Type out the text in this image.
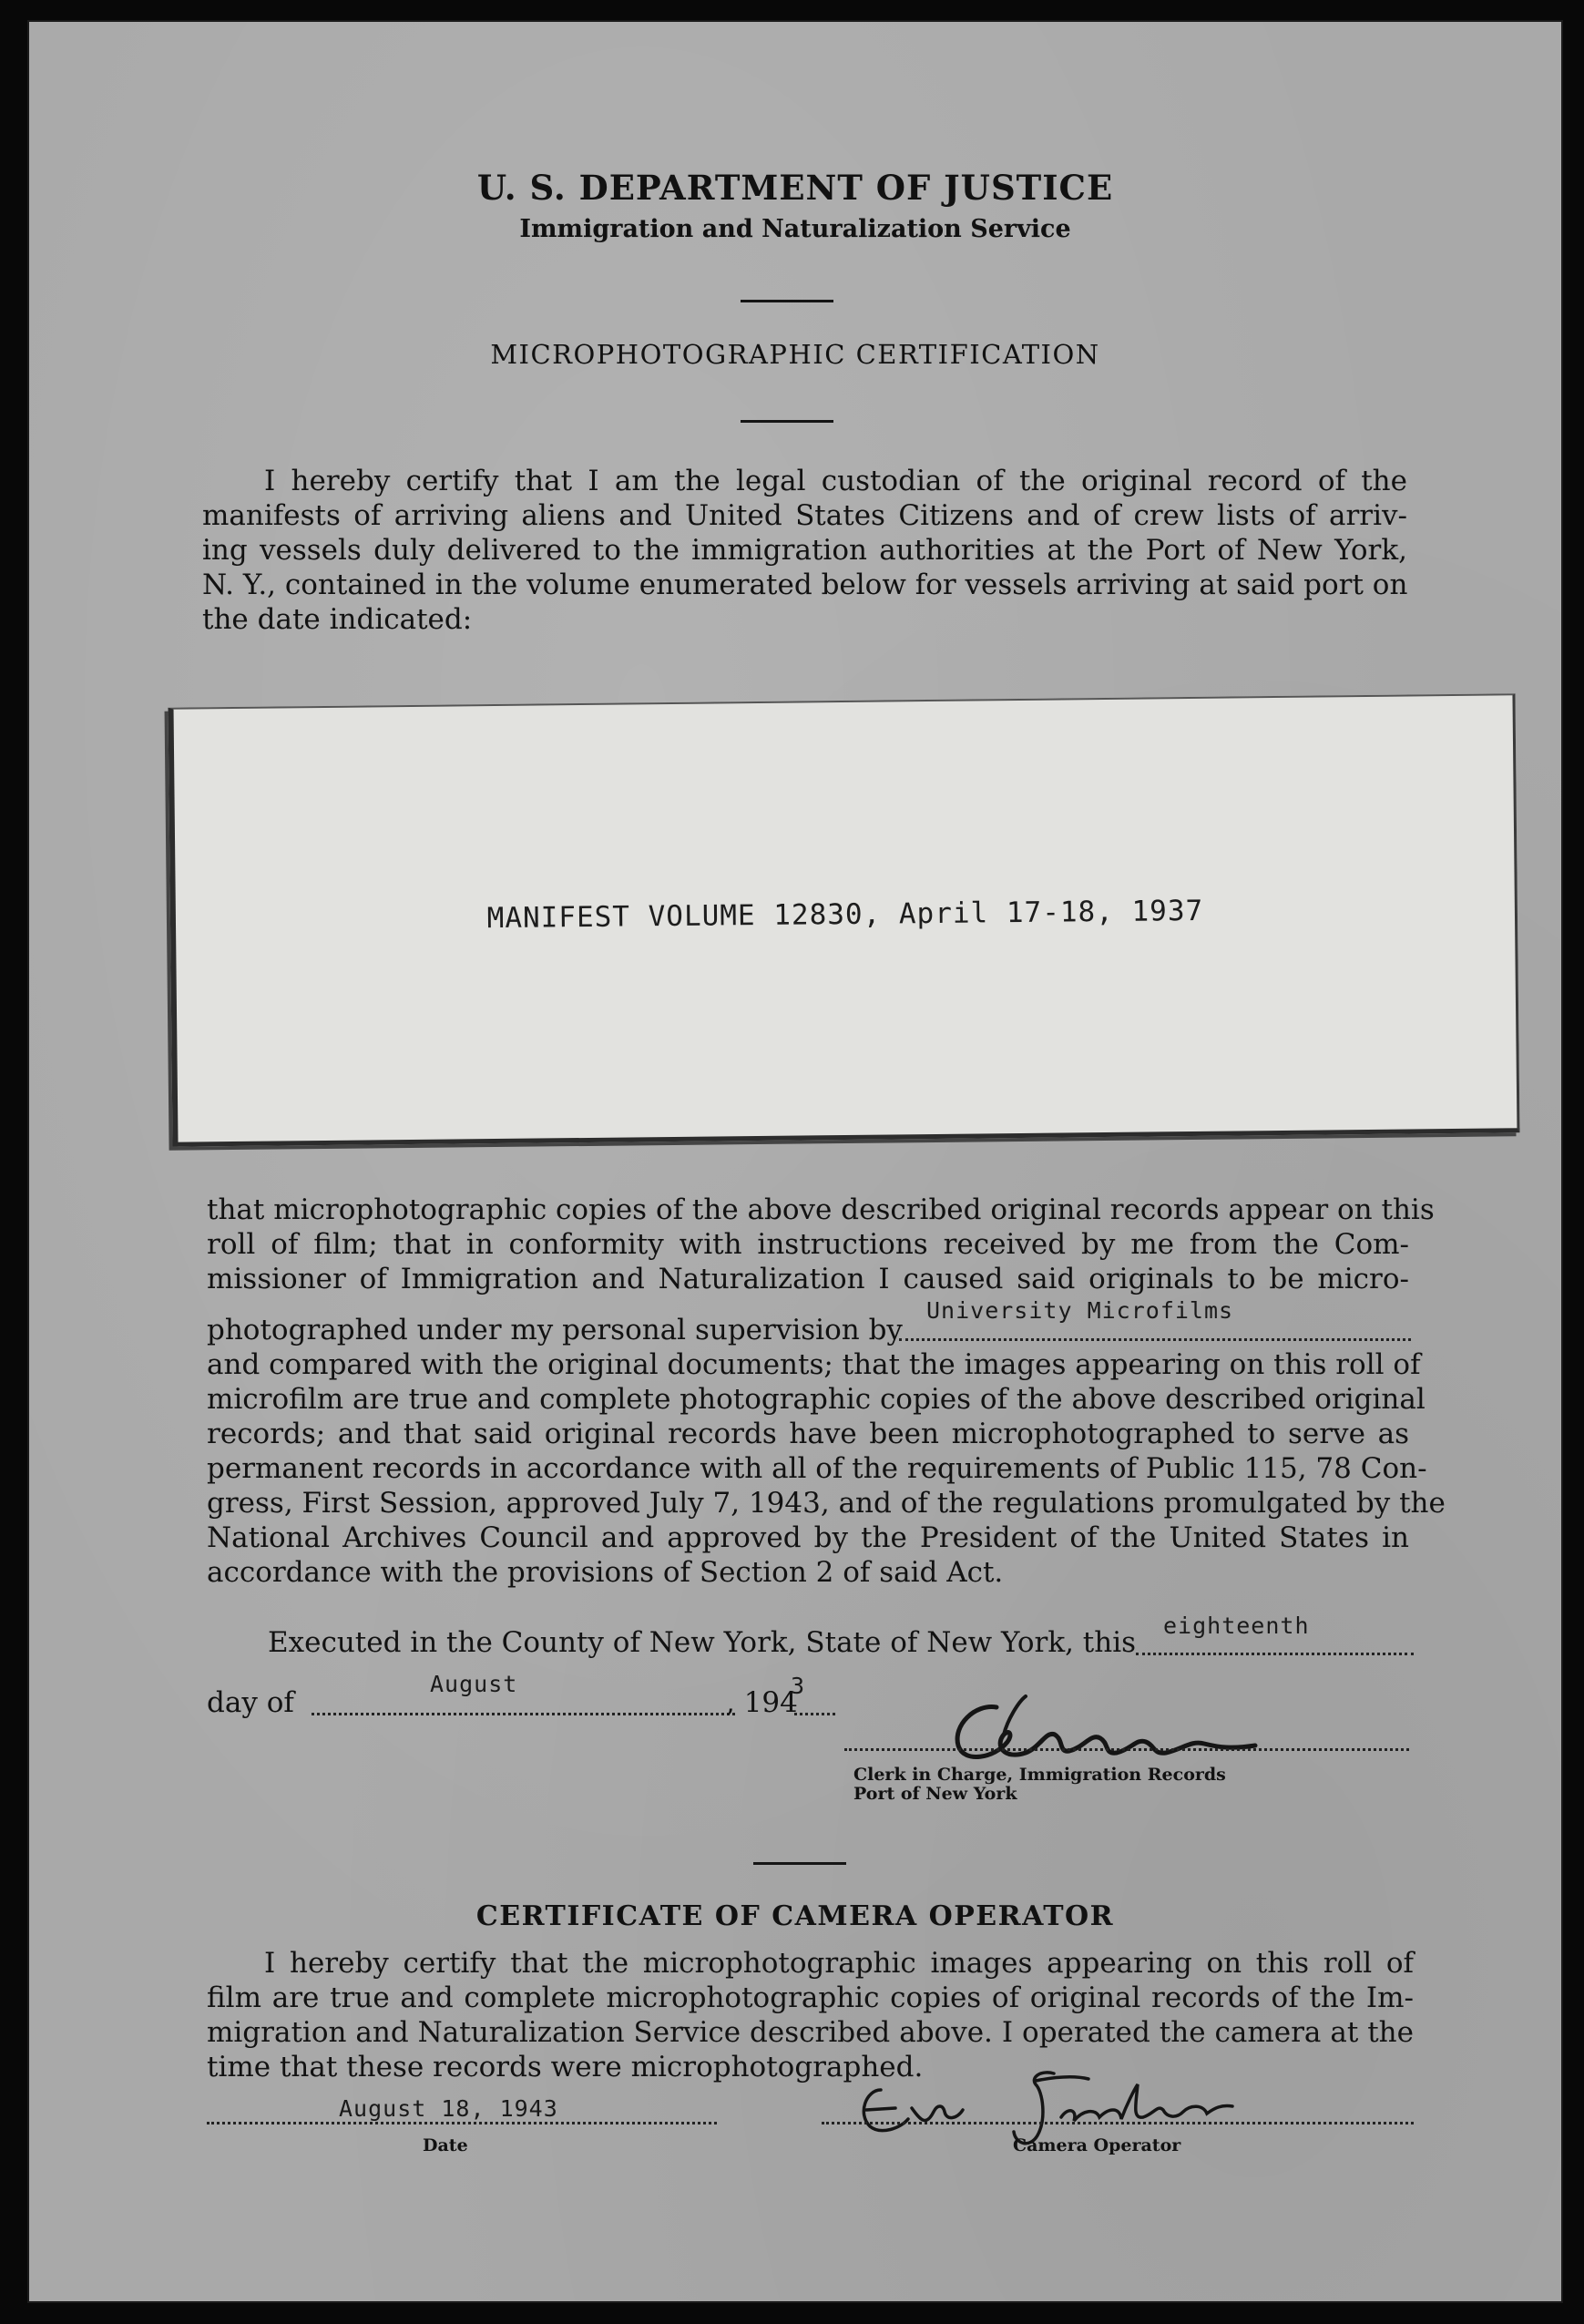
U. S. DEPARTMENT OF JUSTICE
Immigration and Naturalization Service
MICROPHOTOGRAPHIC CERTIFICATION
I hereby certify that I am the legal custodian of the original record of the
manifests of arriving aliens and United States Citizens and of crew lists of arriv-
ing vessels duly delivered to the immigration authorities at the Port of New York,
N. Y., contained in the volume enumerated below for vessels arriving at said port on
the date indicated:
MANIFEST VOLUME 12830, April 17-18, 1937
that microphotographic copies of the above described original records appear on this
roll of film; that in conformity with instructions received by me from the Com-
missioner of Immigration and Naturalization I caused said originals to be micro-
photographed under my personal supervision by
University Microfilms
and compared with the original documents; that the images appearing on this roll of
microfilm are true and complete photographic copies of the above described original
records; and that said original records have been microphotographed to serve as
permanent records in accordance with all of the requirements of Public 115, 78 Con-
gress, First Session, approved July 7, 1943, and of the regulations promulgated by the
National Archives Council and approved by the President of the United States in
accordance with the provisions of Section 2 of said Act.
Executed in the County of New York, State of New York, this
eighteenth
day of
August
, 194
3
Clerk in Charge, Immigration Records
Port of New York
CERTIFICATE OF CAMERA OPERATOR
I hereby certify that the microphotographic images appearing on this roll of
film are true and complete microphotographic copies of original records of the Im-
migration and Naturalization Service described above. I operated the camera at the
time that these records were microphotographed.
August 18, 1943
Date	Camera Operator
